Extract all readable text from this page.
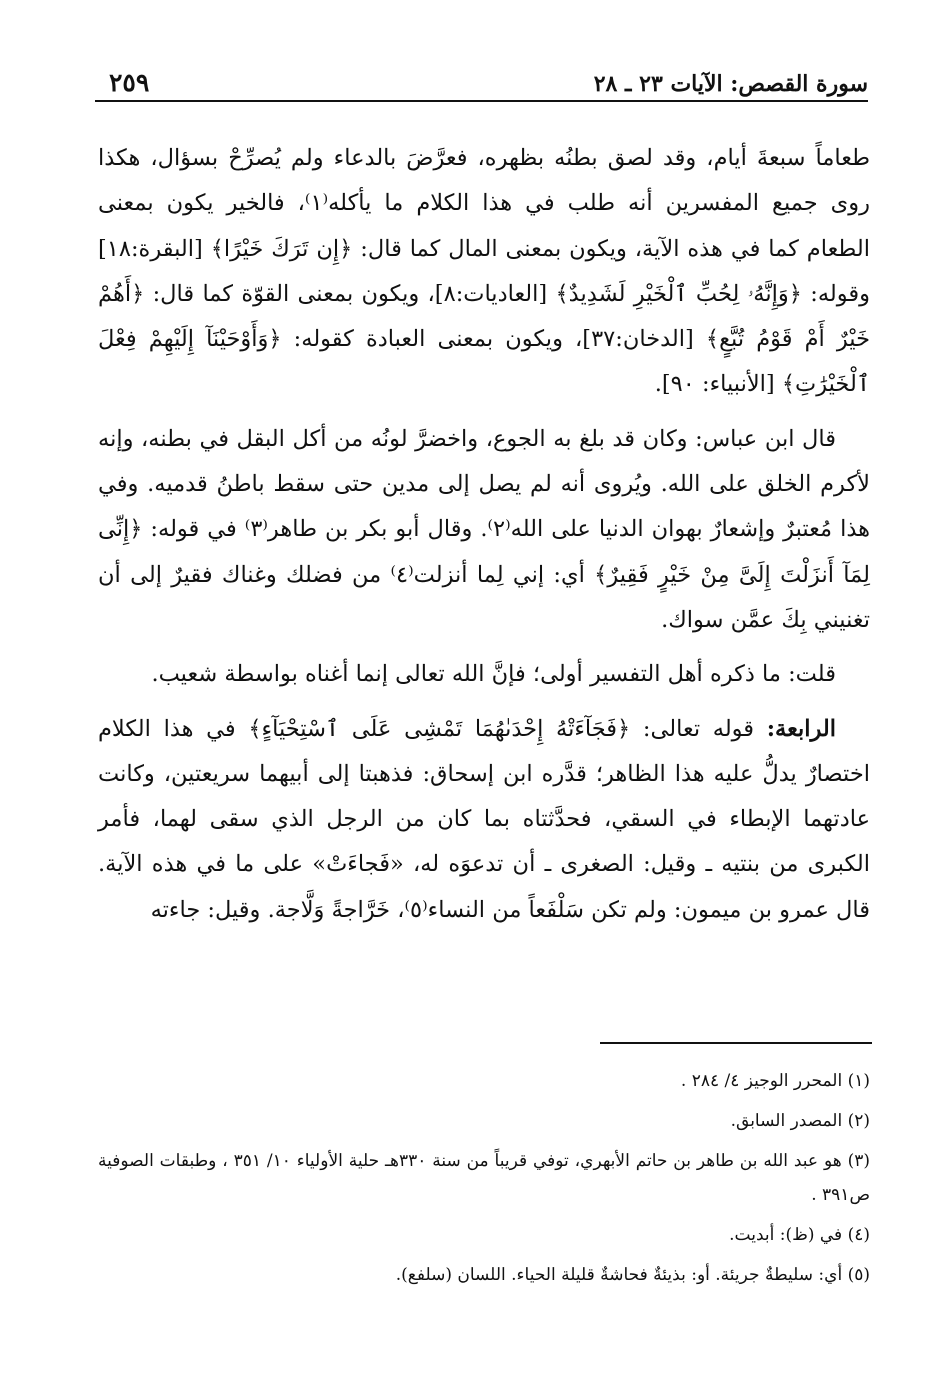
٢٥٩	سورة القصص: الآيات ٢٣ ـ ٢٨

طعاماً سبعةَ أيام، وقد لصق بطنُه بظهره، فعرَّضَ بالدعاء ولم يُصرِّحْ بسؤال، هكذا روى جميع المفسرين أنه طلب في هذا الكلام ما يأكله⁽١⁾، فالخير يكون بمعنى الطعام كما في هذه الآية، ويكون بمعنى المال كما قال: ﴿إِن تَرَكَ خَيْرًا﴾ [البقرة:١٨] وقوله: ﴿وَإِنَّهُۥ لِحُبِّ ٱلْخَيْرِ لَشَدِيدٌ﴾ [العاديات:٨]، ويكون بمعنى القوّة كما قال: ﴿أَهُمْ خَيْرٌ أَمْ قَوْمُ تُبَّعٍ﴾ [الدخان:٣٧]، ويكون بمعنى العبادة كقوله: ﴿وَأَوْحَيْنَآ إِلَيْهِمْ فِعْلَ ٱلْخَيْرَٰتِ﴾ [الأنبياء: ٩٠].

قال ابن عباس: وكان قد بلغ به الجوع، واخضرَّ لونُه من أكل البقل في بطنه، وإنه لأكرم الخلق على الله. ويُروى أنه لم يصل إلى مدين حتى سقط باطنُ قدميه. وفي هذا مُعتبرٌ وإشعارٌ بهوان الدنيا على الله⁽٢⁾. وقال أبو بكر بن طاهر⁽٣⁾ في قوله: ﴿إِنِّى لِمَآ أَنزَلْتَ إِلَىَّ مِنْ خَيْرٍ فَقِيرٌ﴾ أي: إني لِما أنزلت⁽٤⁾ من فضلك وغناك فقيرٌ إلى أن تغنيني بِكَ عمَّن سواك.

قلت: ما ذكره أهل التفسير أولى؛ فإنَّ الله تعالى إنما أغناه بواسطة شعيب.

الرابعة: قوله تعالى: ﴿فَجَآءَتْهُ إِحْدَىٰهُمَا تَمْشِى عَلَى ٱسْتِحْيَآءٍ﴾ في هذا الكلام اختصارٌ يدلُّ عليه هذا الظاهر؛ قدَّره ابن إسحاق: فذهبتا إلى أبيهما سريعتين، وكانت عادتهما الإبطاء في السقي، فحدَّثتاه بما كان من الرجل الذي سقى لهما، فأمر الكبرى من بنتيه ـ وقيل: الصغرى ـ أن تدعوَه له، «فَجاءَتْ» على ما في هذه الآية. قال عمرو بن ميمون: ولم تكن سَلْفَعاً من النساء⁽٥⁾، خَرَّاجةً وَلَّاجة. وقيل: جاءته

(١) المحرر الوجيز ٤/ ٢٨٤ .

(٢) المصدر السابق.

(٣) هو عبد الله بن طاهر بن حاتم الأبهري، توفي قريباً من سنة ٣٣٠هـ حلية الأولياء ١٠/ ٣٥١ ، وطبقات الصوفية ص٣٩١ .

(٤) في (ظ): أبديت.

(٥) أي: سليطةٌ جريئة. أو: بذيئةٌ فحاشةٌ قليلة الحياء. اللسان (سلفع).
